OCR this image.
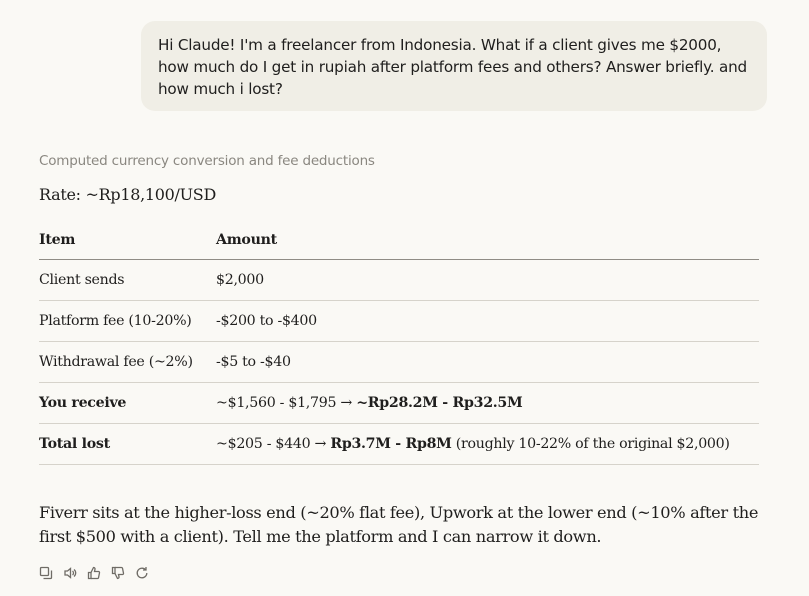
Hi Claude! I'm a freelancer from Indonesia. What if a client gives me $2000, how much do I get in rupiah after platform fees and others? Answer briefly. and how much i lost?
Computed currency conversion and fee deductions
Rate: ~Rp18,100/USD
Item	Amount
Client sends	$2,000
Platform fee (10-20%)	-$200 to -$400
Withdrawal fee (~2%)	-$5 to -$40
You receive	~$1,560 - $1,795 → ~Rp28.2M - Rp32.5M
Total lost	~$205 - $440 → Rp3.7M - Rp8M (roughly 10-22% of the original $2,000)
Fiverr sits at the higher-loss end (~20% flat fee), Upwork at the lower end (~10% after the first $500 with a client). Tell me the platform and I can narrow it down.
